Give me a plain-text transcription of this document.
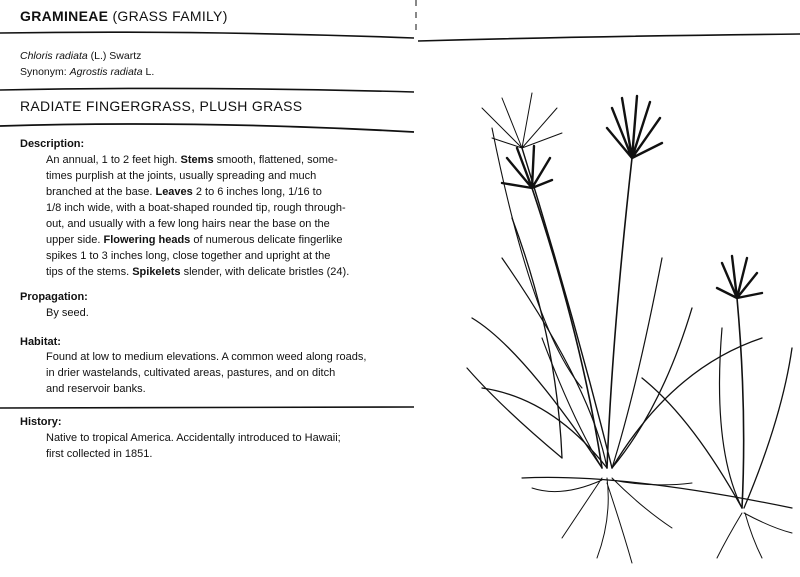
GRAMINEAE (GRASS FAMILY)
Chloris radiata (L.) Swartz
Synonym: Agrostis radiata L.
RADIATE FINGERGRASS, PLUSH GRASS
Description:
An annual, 1 to 2 feet high. Stems smooth, flattened, some-
times purplish at the joints, usually spreading and much
branched at the base. Leaves 2 to 6 inches long, 1/16 to
1/8 inch wide, with a boat-shaped rounded tip, rough through-
out, and usually with a few long hairs near the base on the
upper side. Flowering heads of numerous delicate fingerlike
spikes 1 to 3 inches long, close together and upright at the
tips of the stems. Spikelets slender, with delicate bristles (24).
Propagation:
By seed.
Habitat:
Found at low to medium elevations. A common weed along roads,
in drier wastelands, cultivated areas, pastures, and on ditch
and reservoir banks.
History:
Native to tropical America. Accidentally introduced to Hawaii;
first collected in 1851.
